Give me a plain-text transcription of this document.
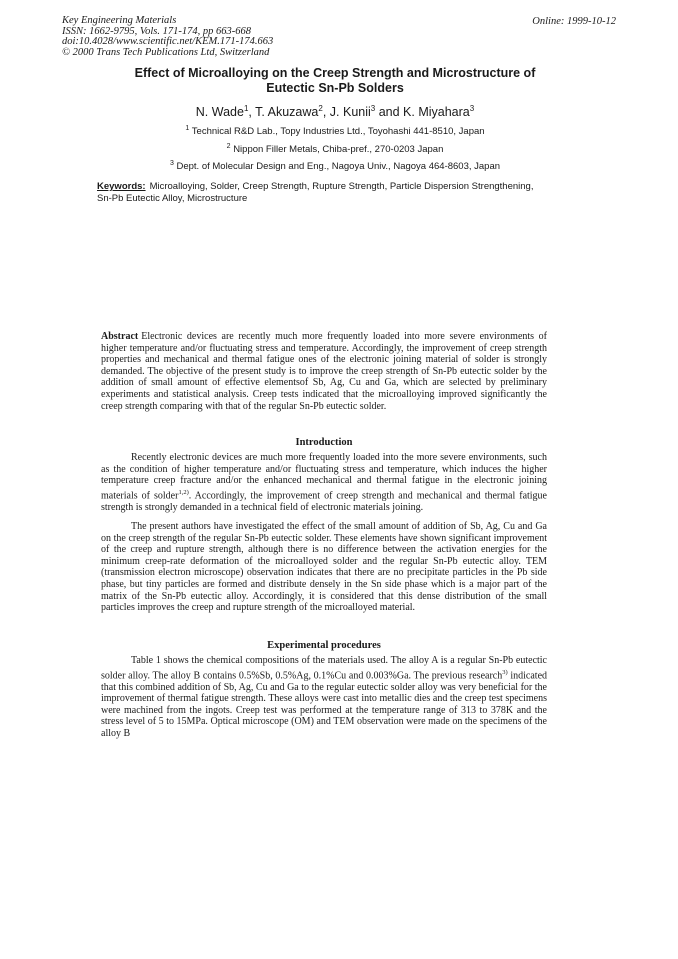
Key Engineering Materials
ISSN: 1662-9795, Vols. 171-174, pp 663-668
doi:10.4028/www.scientific.net/KEM.171-174.663
© 2000 Trans Tech Publications Ltd, Switzerland
Online: 1999-10-12
Effect of Microalloying on the Creep Strength and Microstructure of
Eutectic Sn-Pb Solders
N. Wade$^1$, T. Akuzawa$^2$, J. Kunii$^3$ and K. Miyahara$^3$
$^1$ Technical R&D Lab., Topy Industries Ltd., Toyohashi 441-8510, Japan
$^2$ Nippon Filler Metals, Chiba-pref., 270-0203 Japan
$^3$ Dept. of Molecular Design and Eng., Nagoya Univ., Nagoya 464-8603, Japan
Keywords: Microalloying, Solder, Creep Strength, Rupture Strength, Particle Dispersion Strengthening, Sn-Pb Eutectic Alloy, Microstructure
Abstract Electronic devices are recently much more frequently loaded into more severe environments of higher temperature and/or fluctuating stress and temperature. Accordingly, the improvement of creep strength properties and mechanical and thermal fatigue ones of the electronic joining material of solder is strongly demanded. The objective of the present study is to improve the creep strength of Sn-Pb eutectic solder by the addition of small amount of effective elementsof Sb, Ag, Cu and Ga, which are selected by preliminary experiments and statistical analysis. Creep tests indicated that the microalloying improved significantly the creep strength comparing with that of the regular Sn-Pb eutectic solder.
Introduction
Recently electronic devices are much more frequently loaded into the more severe environments, such as the condition of higher temperature and/or fluctuating stress and temperature, which induces the higher temperature creep fracture and/or the enhanced mechanical and thermal fatigue in the electronic joining materials of solder$^{1,2)}$. Accordingly, the improvement of creep strength and mechanical and thermal fatigue strength is strongly demanded in a technical field of electronic materials joining.
The present authors have investigated the effect of the small amount of addition of Sb, Ag, Cu and Ga on the creep strength of the regular Sn-Pb eutectic solder. These elements have shown significant improvement of the creep and rupture strength, although there is no difference between the activation energies for the minimum creep-rate deformation of the microalloyed solder and the regular Sn-Pb eutectic alloy. TEM (transmission electron microscope) observation indicates that there are no precipitate particles in the Pb side phase, but tiny particles are formed and distribute densely in the Sn side phase which is a major part of the matrix of the Sn-Pb eutectic alloy. Accordingly, it is considered that this dense distribution of the small particles improves the creep and rupture strength of the microalloyed material.
Experimental procedures
Table 1 shows the chemical compositions of the materials used. The alloy A is a regular Sn-Pb eutectic solder alloy. The alloy B contains 0.5%Sb, 0.5%Ag, 0.1%Cu and 0.003%Ga. The previous research$^{3)}$ indicated that this combined addition of Sb, Ag, Cu and Ga to the regular eutectic solder alloy was very beneficial for the improvement of thermal fatigue strength. These alloys were cast into metallic dies and the creep test specimens were machined from the ingots. Creep test was performed at the temperature range of 313 to 378K and the stress level of 5 to 15MPa. Optical microscope (OM) and TEM observation were made on the specimens of the alloy B
